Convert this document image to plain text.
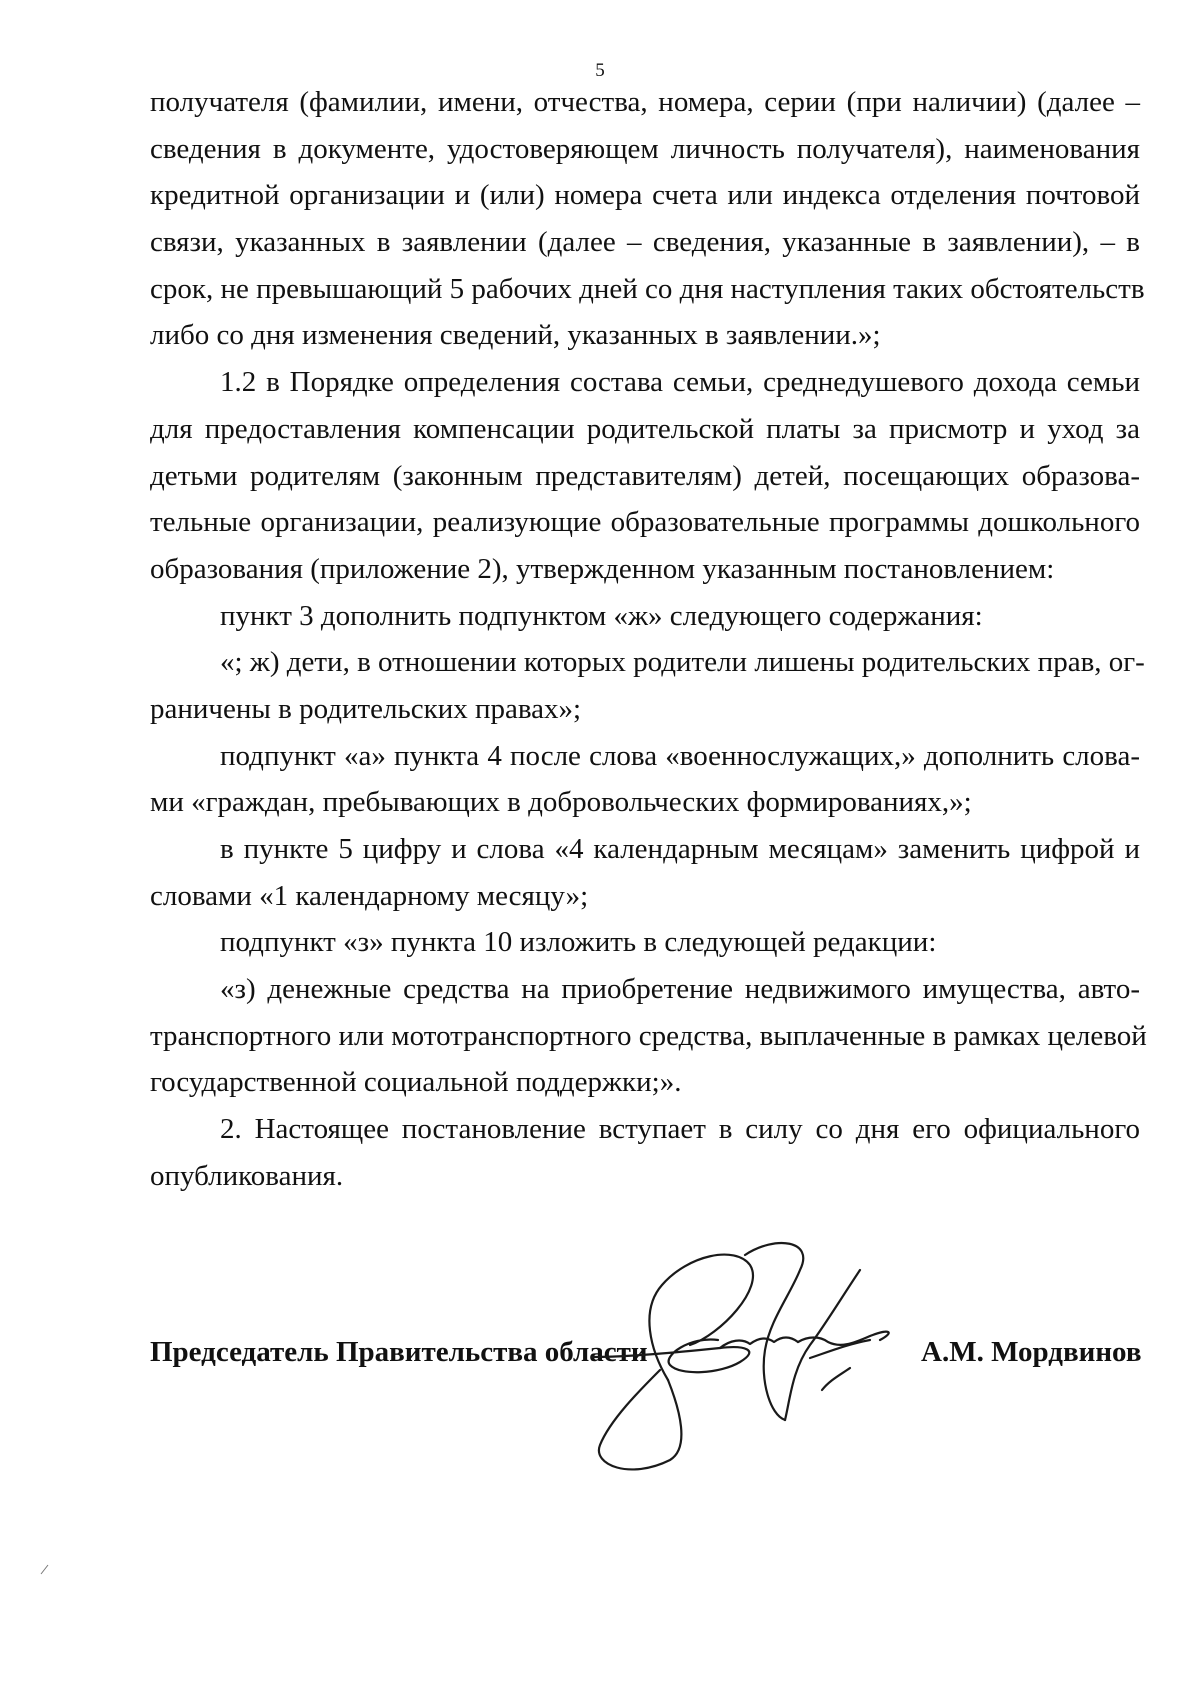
5
получателя (фамилии, имени, отчества, номера, серии (при наличии) (далее –
сведения в документе, удостоверяющем личность получателя), наименования
кредитной организации и (или) номера счета или индекса отделения почтовой
связи, указанных в заявлении (далее – сведения, указанные в заявлении), – в
срок, не превышающий 5 рабочих дней со дня наступления таких обстоятельств
либо со дня изменения сведений, указанных в заявлении.»;
1.2 в Порядке определения состава семьи, среднедушевого дохода семьи
для предоставления компенсации родительской платы за присмотр и уход за
детьми родителям (законным представителям) детей, посещающих образова-
тельные организации, реализующие образовательные программы дошкольного
образования (приложение 2), утвержденном указанным постановлением:
пункт 3 дополнить подпунктом «ж» следующего содержания:
«; ж) дети, в отношении которых родители лишены родительских прав, ог-
раничены в родительских правах»;
подпункт «а» пункта 4 после слова «военнослужащих,» дополнить слова-
ми «граждан, пребывающих в добровольческих формированиях,»;
в пункте 5 цифру и слова «4 календарным месяцам» заменить цифрой и
словами «1 календарному месяцу»;
подпункт «з» пункта 10 изложить в следующей редакции:
«з) денежные средства на приобретение недвижимого имущества, авто-
транспортного или мототранспортного средства, выплаченные в рамках целевой
государственной социальной поддержки;».
2. Настоящее постановление вступает в силу со дня его официального
опубликования.
Председатель Правительства области	А.М. Мордвинов
